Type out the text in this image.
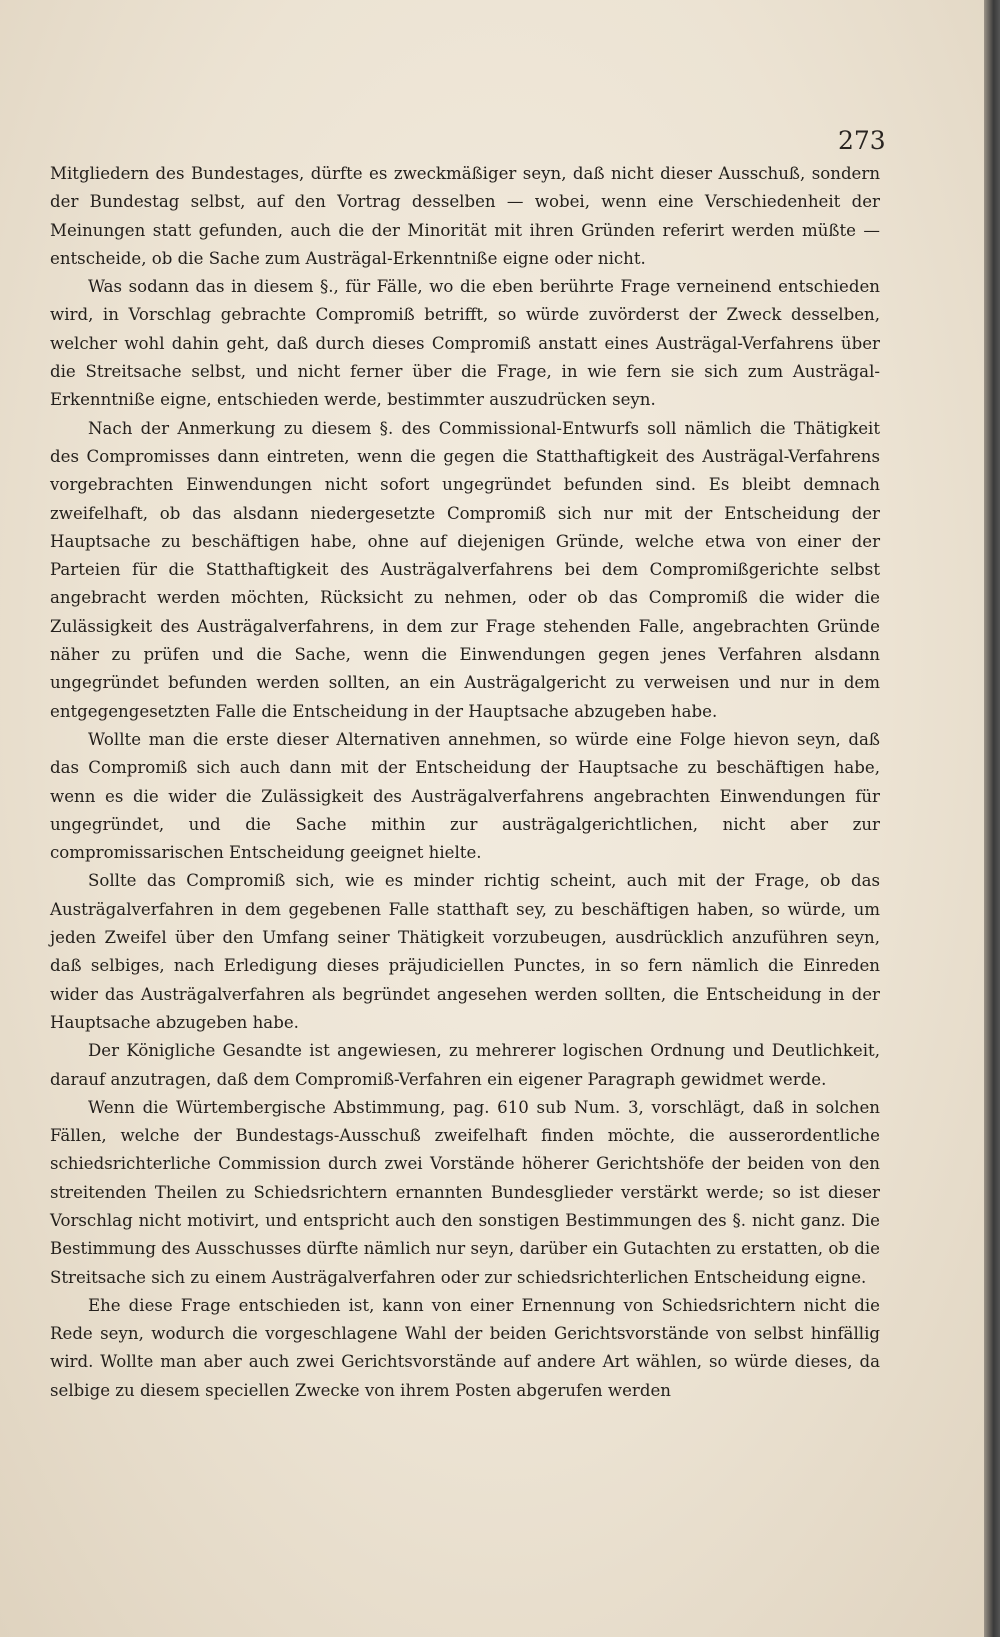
273

Mitgliedern des Bundestages, dürfte es zweckmäßiger seyn, daß nicht dieser Ausschuß, sondern der Bundestag selbst, auf den Vortrag desselben — wobei, wenn eine Verschiedenheit der Meinungen statt gefunden, auch die der Minorität mit ihren Gründen referirt werden müßte — entscheide, ob die Sache zum Austrägal-Erkenntniße eigne oder nicht.

Was sodann das in diesem §., für Fälle, wo die eben berührte Frage verneinend entschieden wird, in Vorschlag gebrachte Compromiß betrifft, so würde zuvörderst der Zweck desselben, welcher wohl dahin geht, daß durch dieses Compromiß anstatt eines Austrägal-Verfahrens über die Streitsache selbst, und nicht ferner über die Frage, in wie fern sie sich zum Austrägal-Erkenntniße eigne, entschieden werde, bestimmter auszudrücken seyn.

Nach der Anmerkung zu diesem §. des Commissional-Entwurfs soll nämlich die Thätigkeit des Compromisses dann eintreten, wenn die gegen die Statthaftigkeit des Austrägal-Verfahrens vorgebrachten Einwendungen nicht sofort ungegründet befunden sind. Es bleibt demnach zweifelhaft, ob das alsdann niedergesetzte Compromiß sich nur mit der Entscheidung der Hauptsache zu beschäftigen habe, ohne auf diejenigen Gründe, welche etwa von einer der Parteien für die Statthaftigkeit des Austrägalverfahrens bei dem Compromißgerichte selbst angebracht werden möchten, Rücksicht zu nehmen, oder ob das Compromiß die wider die Zulässigkeit des Austrägalverfahrens, in dem zur Frage stehenden Falle, angebrachten Gründe näher zu prüfen und die Sache, wenn die Einwendungen gegen jenes Verfahren alsdann ungegründet befunden werden sollten, an ein Austrägalgericht zu verweisen und nur in dem entgegengesetzten Falle die Entscheidung in der Hauptsache abzugeben habe.

Wollte man die erste dieser Alternativen annehmen, so würde eine Folge hievon seyn, daß das Compromiß sich auch dann mit der Entscheidung der Hauptsache zu beschäftigen habe, wenn es die wider die Zulässigkeit des Austrägalverfahrens angebrachten Einwendungen für ungegründet, und die Sache mithin zur austrägalgerichtlichen, nicht aber zur compromissarischen Entscheidung geeignet hielte.

Sollte das Compromiß sich, wie es minder richtig scheint, auch mit der Frage, ob das Austrägalverfahren in dem gegebenen Falle statthaft sey, zu beschäftigen haben, so würde, um jeden Zweifel über den Umfang seiner Thätigkeit vorzubeugen, ausdrücklich anzuführen seyn, daß selbiges, nach Erledigung dieses präjudiciellen Punctes, in so fern nämlich die Einreden wider das Austrägalverfahren als begründet angesehen werden sollten, die Entscheidung in der Hauptsache abzugeben habe.

Der Königliche Gesandte ist angewiesen, zu mehrerer logischen Ordnung und Deutlichkeit, darauf anzutragen, daß dem Compromiß-Verfahren ein eigener Paragraph gewidmet werde.

Wenn die Würtembergische Abstimmung, pag. 610 sub Num. 3, vorschlägt, daß in solchen Fällen, welche der Bundestags-Ausschuß zweifelhaft finden möchte, die ausserordentliche schiedsrichterliche Commission durch zwei Vorstände höherer Gerichtshöfe der beiden von den streitenden Theilen zu Schiedsrichtern ernannten Bundesglieder verstärkt werde; so ist dieser Vorschlag nicht motivirt, und entspricht auch den sonstigen Bestimmungen des §. nicht ganz. Die Bestimmung des Ausschusses dürfte nämlich nur seyn, darüber ein Gutachten zu erstatten, ob die Streitsache sich zu einem Austrägalverfahren oder zur schiedsrichterlichen Entscheidung eigne.

Ehe diese Frage entschieden ist, kann von einer Ernennung von Schiedsrichtern nicht die Rede seyn, wodurch die vorgeschlagene Wahl der beiden Gerichtsvorstände von selbst hinfällig wird. Wollte man aber auch zwei Gerichtsvorstände auf andere Art wählen, so würde dieses, da selbige zu diesem speciellen Zwecke von ihrem Posten abgerufen werden
